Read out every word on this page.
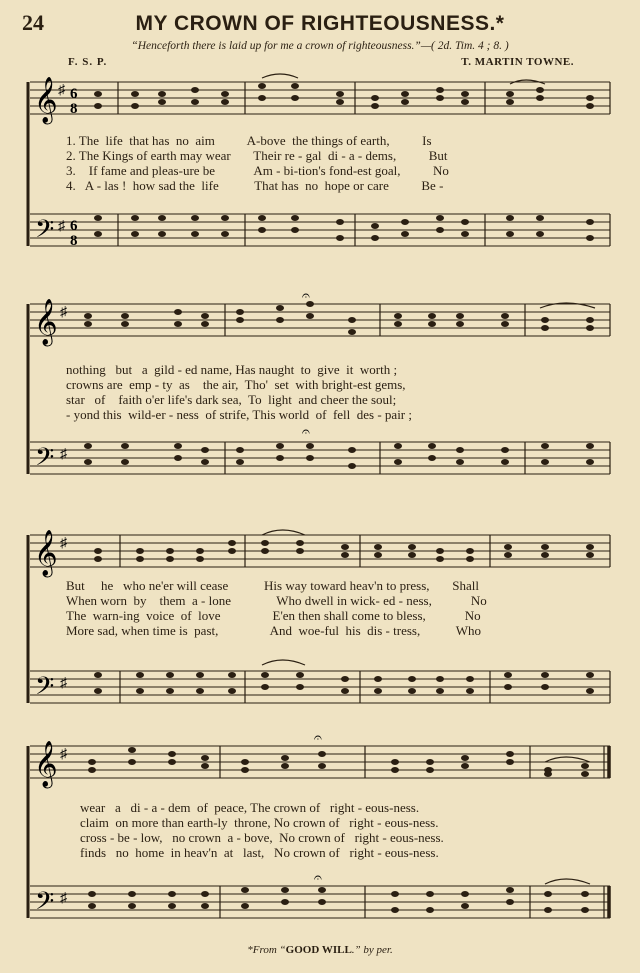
24	MY CROWN OF RIGHTEOUSNESS.*
“Henceforth there is laid up for me a crown of righteousness.”—( 2d. Tim. 4 ; 8. )
F. S. P.	T. MARTIN TOWNE.
𝄞
𝄢
♯
♯
6
8
6
8
1. The  life  that has  no  aim          A-bove  the things of earth,          Is
2. The Kings of earth may wear       Their re - gal  di - a - dems,          But
3.    If fame and pleas-ure be            Am - bi-tion's fond-est goal,          No
4.   A - las !  how sad the  life           That has  no  hope or care          Be -
𝄞
𝄢
♯
♯
𝄐
𝄐
nothing   but   a  gild - ed name, Has naught  to  give  it  worth ;
crowns are  emp - ty  as    the air,  Tho'  set  with bright-est gems,
star   of    faith o'er life's dark sea,  To  light  and cheer the soul;
- yond this  wild-er - ness  of strife, This world  of  fell  des - pair ;
𝄞
𝄢
♯
♯
But     he   who ne'er will cease           His way toward heav'n to press,       Shall
When worn  by    them  a - lone              Who dwell in wick- ed - ness,            No
The  warn-ing  voice  of  love                E'en then shall come to bless,            No
More sad, when time is  past,                And  woe-ful  his  dis - tress,           Who
𝄞
𝄢
♯
♯
𝄐
𝄐
wear   a   di - a - dem  of  peace, The crown of   right - eous-ness.
claim  on more than earth-ly  throne, No crown of   right - eous-ness.
cross - be - low,   no crown  a - bove,  No crown of   right - eous-ness.
finds   no  home  in heav'n  at   last,   No crown of   right - eous-ness.
*From “GOOD WILL.” by per.
